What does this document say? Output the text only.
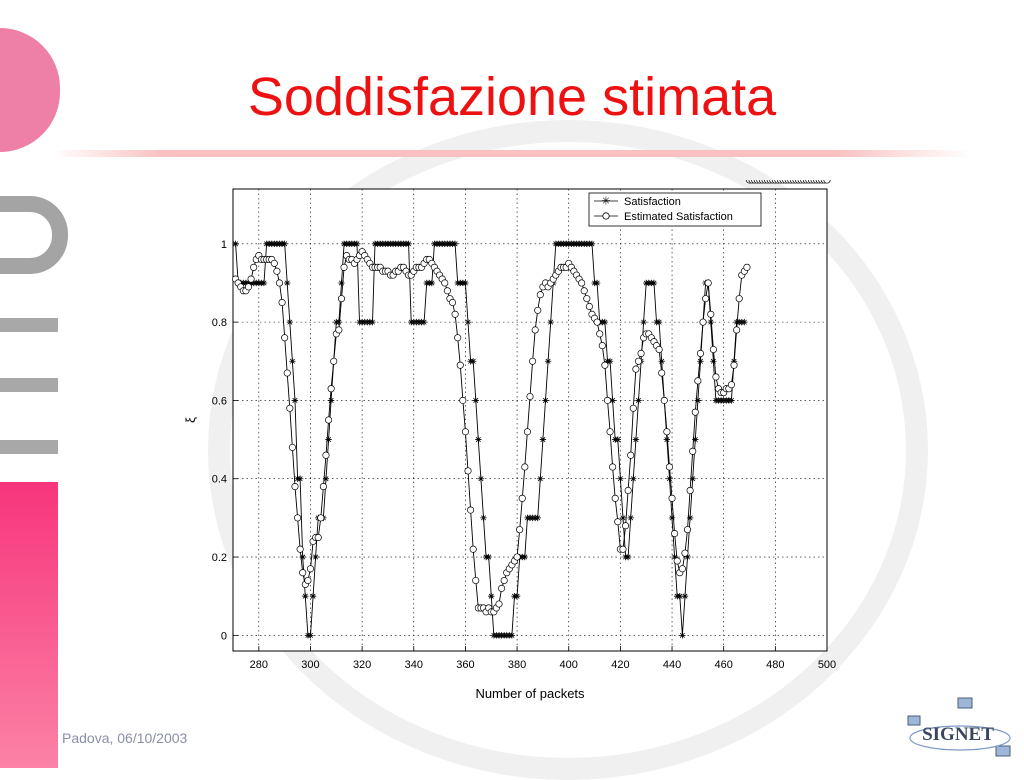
Soddisfazione stimata
280	300	320	340	360	380	400	420	440	460	480	500
0
0.2
0.4
0.6
0.8
1
Number of packets
ξ
✳ Satisfaction
Estimated Satisfaction
Padova, 06/10/2003	SIGNET
